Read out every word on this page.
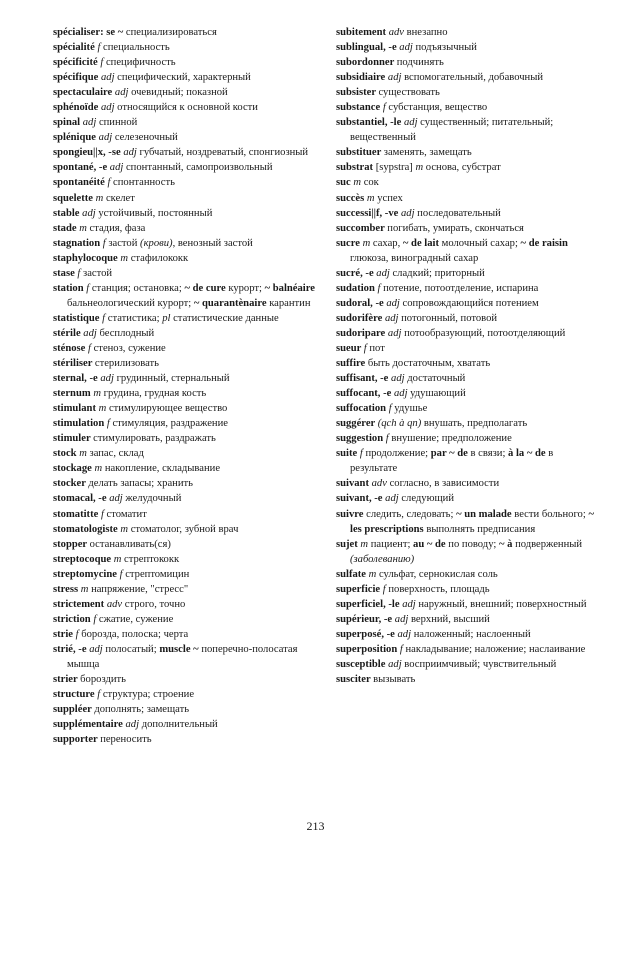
spécialiser: se ~ специализироваться
spécialité f специальность
spécificité f специфичность
spécifique adj специфический, характерный
spectaculaire adj очевидный; показной
sphénoïde adj относящийся к основной кости
spinal adj спинной
splénique adj селезеночный
spongieu||x, -se adj губчатый, ноздреватый, спонгиозный
spontané, -e adj спонтанный, самопроизвольный
spontanéité f спонтанность
squelette m скелет
stable adj устойчивый, постоянный
stade m стадия, фаза
stagnation f застой (крови), венозный застой
staphylocoque m стафилококк
stase f застой
station f станция; остановка; ~ de cure курорт; ~ balnéaire бальнеологический курорт; ~ quarantènaire карантин
statistique f статистика; pl статистические данные
stérile adj бесплодный
sténose f стеноз, сужение
stériliser стерилизовать
sternal, -e adj грудинный, стернальный
sternum m грудина, грудная кость
stimulant m стимулирующее вещество
stimulation f стимуляция, раздражение
stimuler стимулировать, раздражать
stock m запас, склад
stockage m накопление, складывание
stocker делать запасы; хранить
stomacal, -e adj желудочный
stomatitte f стоматит
stomatologiste m стоматолог, зубной врач
stopper останавливать(ся)
streptocoque m стрептококк
streptomycine f стрептомицин
stress m напряжение, "стресс"
strictement adv строго, точно
striction f сжатие, сужение
strie f борозда, полоска; черта
strié, -e adj полосатый; muscle ~ поперечно-полосатая мышца
strier бороздить
structure f структура; строение
suppléer дополнять; замещать
supplémentaire adj дополнительный
supporter переносить
subitement adv внезапно
sublingual, -e adj подъязычный
subordonner подчинять
subsidiaire adj вспомогательный, добавочный
subsister существовать
substance f субстанция, вещество
substantiel, -le adj существенный; питательный; вещественный
substituer заменять, замещать
substrat [sypstra] m основа, субстрат
suc m сок
succès m успех
successi||f, -ve adj последовательный
succomber погибать, умирать, скончаться
sucre m сахар, ~ de lait молочный сахар; ~ de raisin глюкоза, виноградный сахар
sucré, -e adj сладкий; приторный
sudation f потение, потоотделение, испарина
sudoral, -e adj сопровождающийся потением
sudorifère adj потогонный, потовой
sudoripare adj потообразующий, потоотделяющий
sueur f пот
suffire быть достаточным, хватать
suffisant, -e adj достаточный
suffocant, -e adj удушающий
suffocation f удушье
suggérer (qch à qn) внушать, предполагать
suggestion f внушение; предположение
suite f продолжение; par ~ de в связи; à la ~ de в результате
suivant adv согласно, в зависимости
suivant, -e adj следующий
suivre следить, следовать; ~ un malade вести больного; ~ les prescriptions выполнять предписания
sujet m пациент; au ~ de по поводу; ~ à подверженный (заболеванию)
sulfate m сульфат, сернокислая соль
superficie f поверхность, площадь
superficiel, -le adj наружный, внешний; поверхностный
supérieur, -e adj верхний, высший
superposé, -e adj наложенный; наслоенный
superposition f накладывание; наложение; наслаивание
susceptible adj восприимчивый; чувствительный
susciter вызывать
213
